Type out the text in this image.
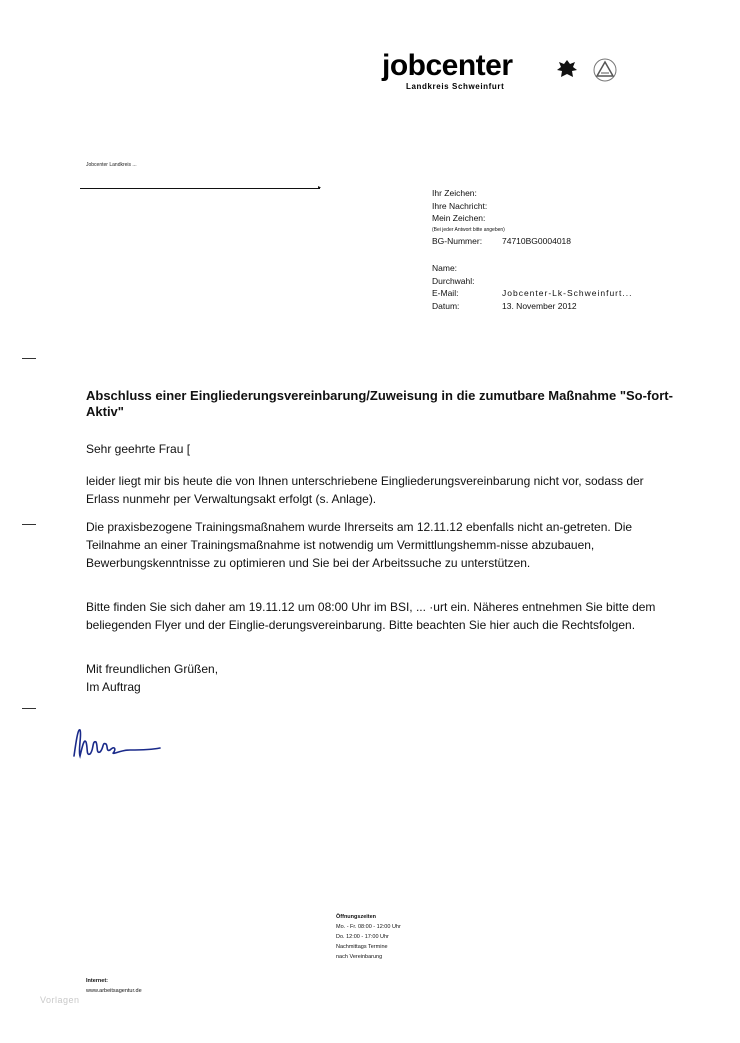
jobcenter
Landkreis Schweinfurt
Jobcenter Landkreis ...
▸	Ihr Zeichen:
Ihre Nachricht:
Mein Zeichen:
(Bei jeder Antwort bitte angeben)
BG-Nummer:	74710BG0004018
Name:
Durchwahl:
E-Mail:	Jobcenter-Lk-Schweinfurt...
Datum:	13. November 2012
Abschluss einer Eingliederungsvereinbarung/Zuweisung in die zumutbare Maßnahme "So-fort-Aktiv"
Sehr geehrte Frau [
leider liegt mir bis heute die von Ihnen unterschriebene Eingliederungsvereinbarung nicht vor, sodass der Erlass nunmehr per Verwaltungsakt erfolgt (s. Anlage).
Die praxisbezogene Trainingsmaßnahem wurde Ihrerseits am 12.11.12 ebenfalls nicht an-getreten. Die Teilnahme an einer Trainingsmaßnahme ist notwendig um Vermittlungshemm-nisse abzubauen, Bewerbungskenntnisse zu optimieren und Sie bei der Arbeitssuche zu unterstützen.
Bitte finden Sie sich daher am 19.11.12 um 08:00 Uhr im BSI, ... ·urt ein. Näheres entnehmen Sie bitte dem beliegenden Flyer und der Einglie-derungsvereinbarung. Bitte beachten Sie hier auch die Rechtsfolgen.
Mit freundlichen Grüßen,
Im Auftrag
Öffnungszeiten
Mo. - Fr. 08:00 - 12:00 Uhr
Do. 12:00 - 17:00 Uhr
Nachmittags Termine
nach Vereinbarung
Internet:
www.arbeitsagentur.de
Vorlagen
